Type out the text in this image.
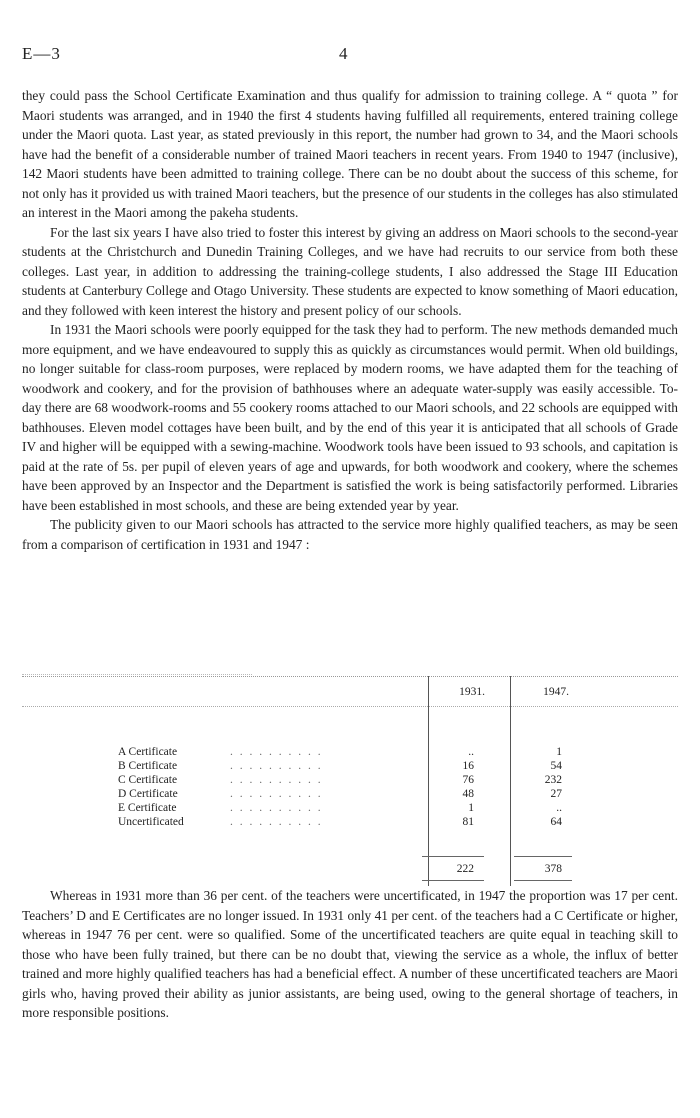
E—3	4

they could pass the School Certificate Examination and thus qualify for admission to training college. A “ quota ” for Maori students was arranged, and in 1940 the first 4 students having fulfilled all requirements, entered training college under the Maori quota. Last year, as stated previously in this report, the number had grown to 34, and the Maori schools have had the benefit of a considerable number of trained Maori teachers in recent years. From 1940 to 1947 (inclusive), 142 Maori students have been admitted to training college. There can be no doubt about the success of this scheme, for not only has it provided us with trained Maori teachers, but the presence of our students in the colleges has also stimulated an interest in the Maori among the pakeha students.

For the last six years I have also tried to foster this interest by giving an address on Maori schools to the second-year students at the Christchurch and Dunedin Training Colleges, and we have had recruits to our service from both these colleges. Last year, in addition to addressing the training-college students, I also addressed the Stage III Education students at Canterbury College and Otago University. These students are expected to know something of Maori education, and they followed with keen interest the history and present policy of our schools.

In 1931 the Maori schools were poorly equipped for the task they had to perform. The new methods demanded much more equipment, and we have endeavoured to supply this as quickly as circumstances would permit. When old buildings, no longer suitable for class-room purposes, were replaced by modern rooms, we have adapted them for the teaching of woodwork and cookery, and for the provision of bathhouses where an adequate water-supply was easily accessible. To-day there are 68 woodwork-rooms and 55 cookery rooms attached to our Maori schools, and 22 schools are equipped with bathhouses. Eleven model cottages have been built, and by the end of this year it is anticipated that all schools of Grade IV and higher will be equipped with a sewing-machine. Woodwork tools have been issued to 93 schools, and capitation is paid at the rate of 5s. per pupil of eleven years of age and upwards, for both woodwork and cookery, where the schemes have been approved by an Inspector and the Department is satisfied the work is being satisfactorily performed. Libraries have been established in most schools, and these are being extended year by year.

The publicity given to our Maori schools has attracted to the service more highly qualified teachers, as may be seen from a comparison of certification in 1931 and 1947 :

1931.	1947.
A Certificate	. . . . . . . . . .	..	1
B Certificate	. . . . . . . . . .	16	54
C Certificate	. . . . . . . . . .	76	232
D Certificate	. . . . . . . . . .	48	27
E Certificate	. . . . . . . . . .	1	..
Uncertificated	. . . . . . . . . .	81	64
222	378

Whereas in 1931 more than 36 per cent. of the teachers were uncertificated, in 1947 the proportion was 17 per cent. Teachers’ D and E Certificates are no longer issued. In 1931 only 41 per cent. of the teachers had a C Certificate or higher, whereas in 1947 76 per cent. were so qualified. Some of the uncertificated teachers are quite equal in teaching skill to those who have been fully trained, but there can be no doubt that, viewing the service as a whole, the influx of better trained and more highly qualified teachers has had a beneficial effect. A number of these uncertificated teachers are Maori girls who, having proved their ability as junior assistants, are being used, owing to the general shortage of teachers, in more responsible positions.
